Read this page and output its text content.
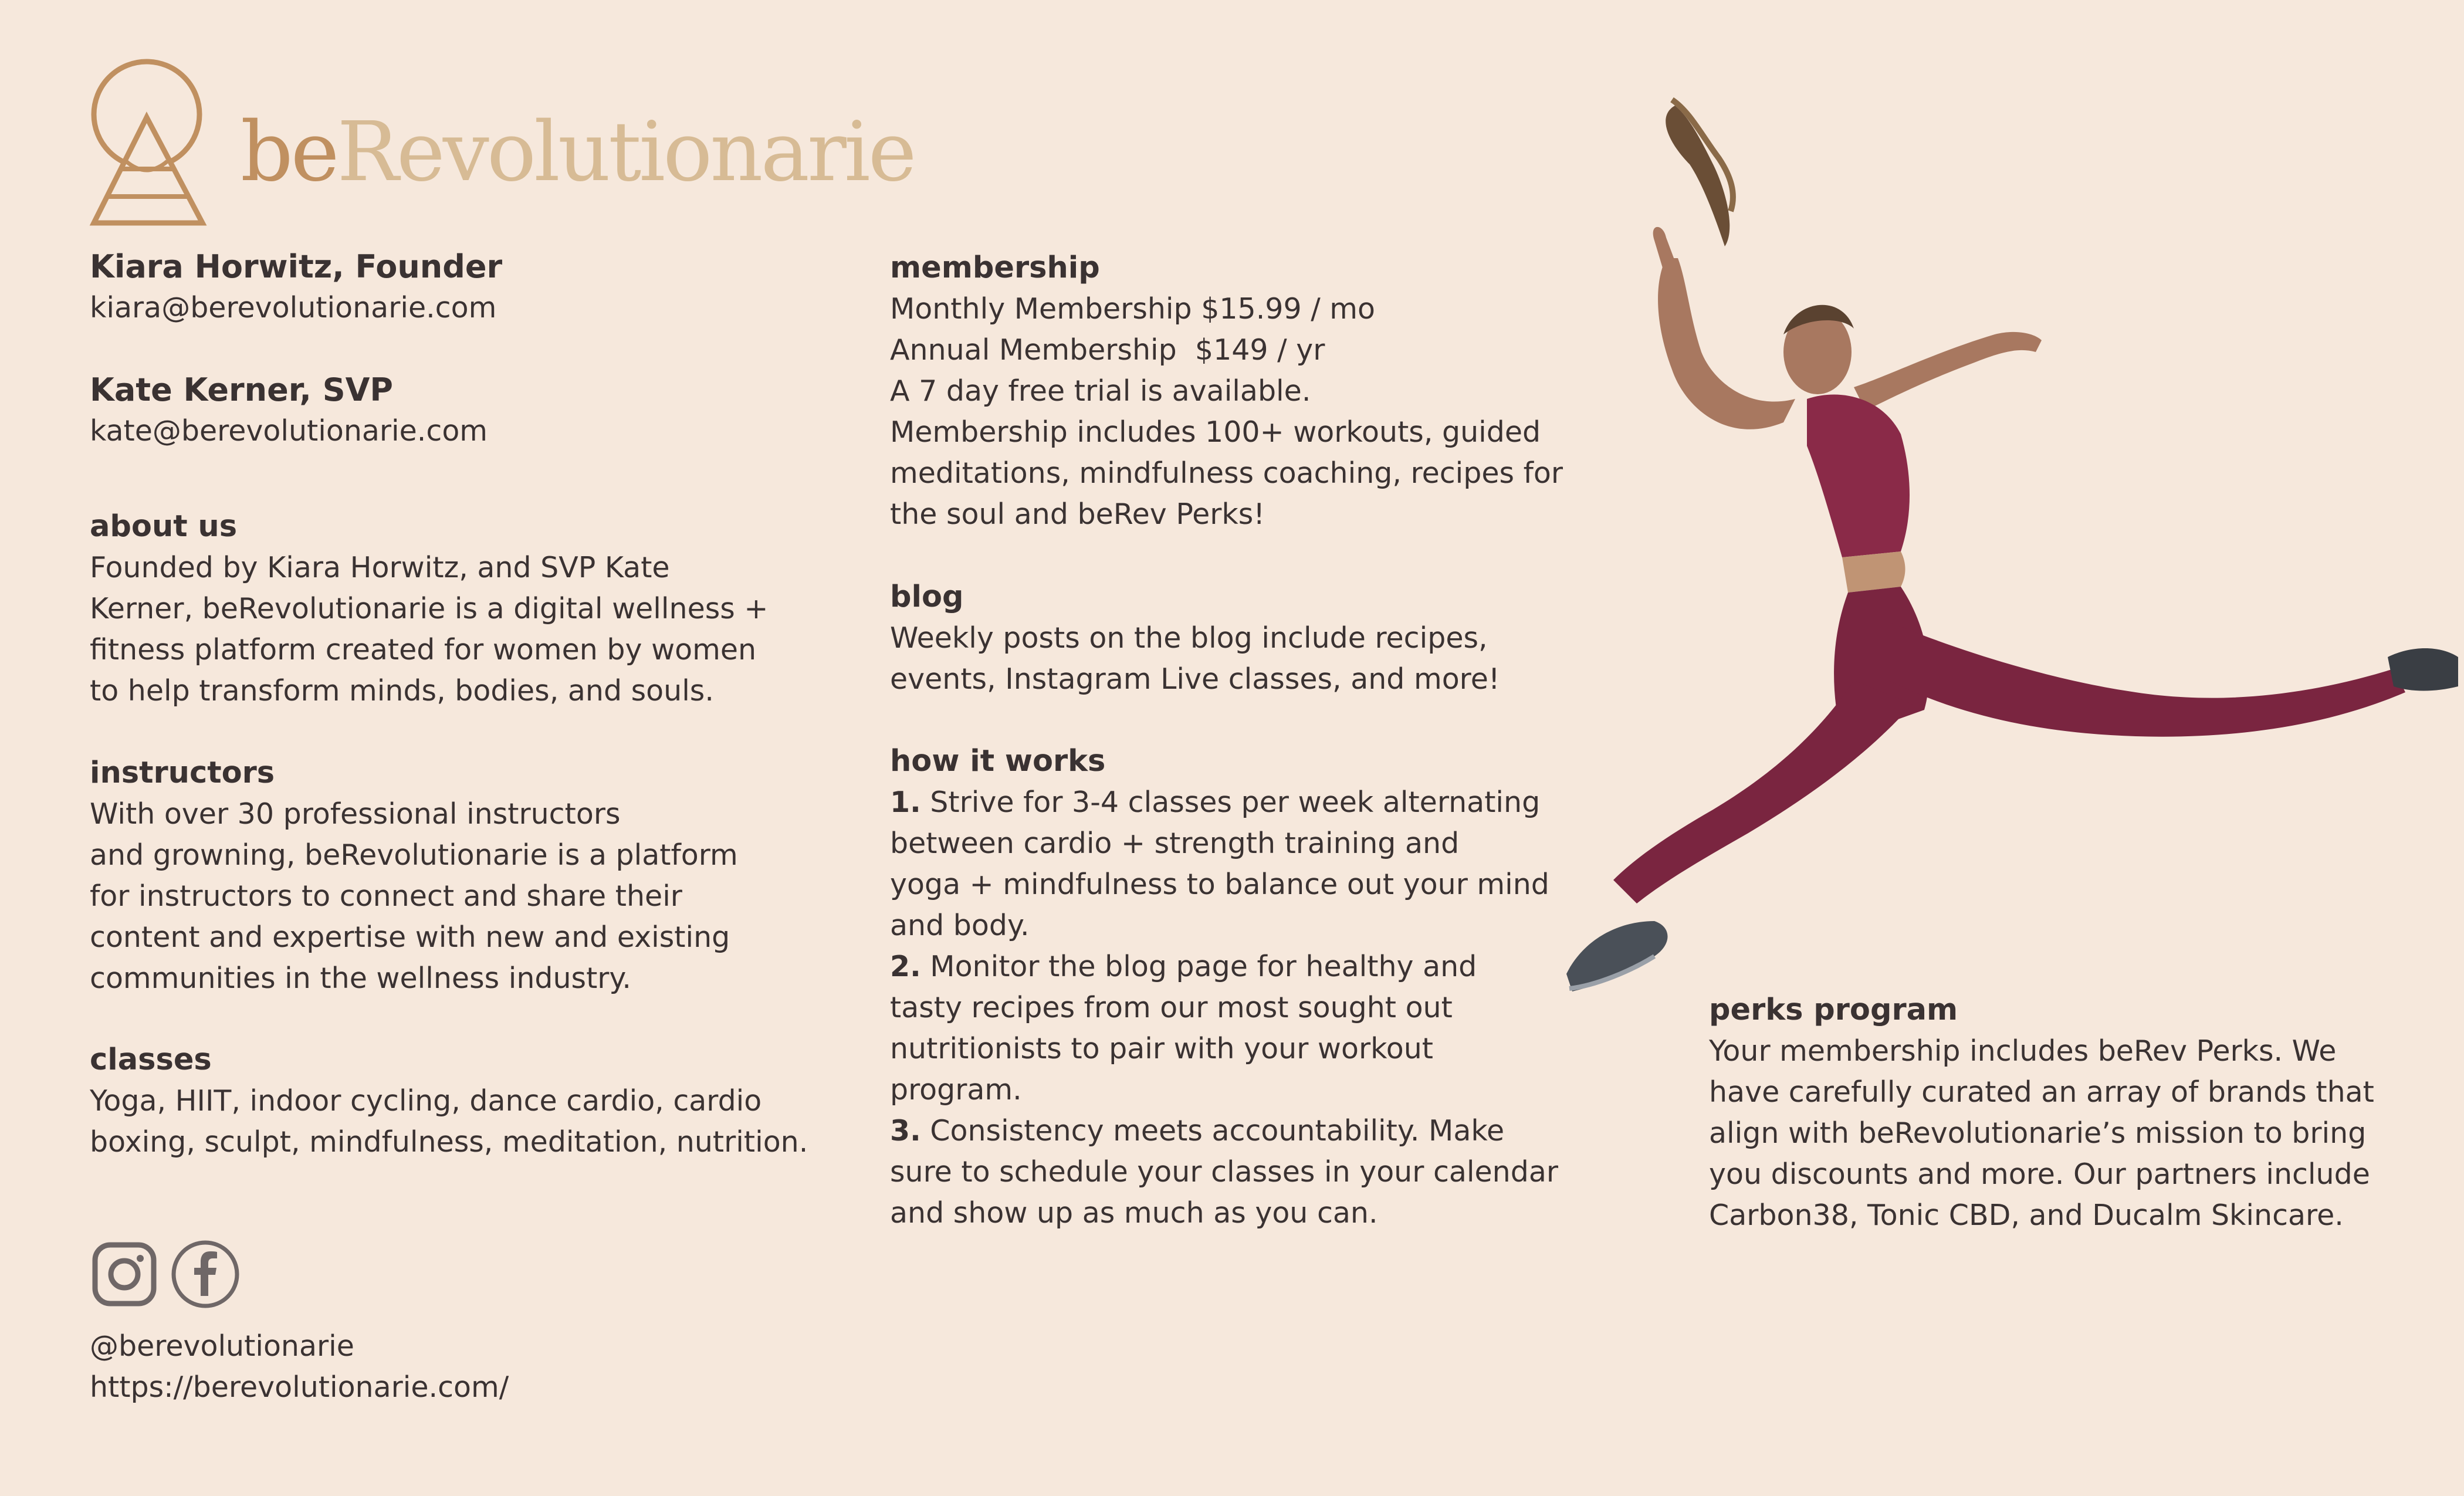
beRevolutionarie
Kiara Horwitz, Founder
kiara@berevolutionarie.com
Kate Kerner, SVP
kate@berevolutionarie.com
about us

Founded by Kiara Horwitz, and SVP Kate

Kerner, beRevolutionarie is a digital wellness +

fitness platform created for women by women

to help transform minds, bodies, and souls.

instructors

With over 30 professional instructors

and growning, beRevolutionarie is a platform

for instructors to connect and share their

content and expertise with new and existing

communities in the wellness industry.

classes

Yoga, HIIT, indoor cycling, dance cardio, cardio

boxing, sculpt, mindfulness, meditation, nutrition.

@berevolutionarie
https://berevolutionarie.com/
membership

Monthly Membership $15.99 / mo

Annual Membership  $149 / yr

A 7 day free trial is available.

Membership includes 100+ workouts, guided

meditations, mindfulness coaching, recipes for

the soul and beRev Perks!

blog

Weekly posts on the blog include recipes,

events, Instagram Live classes, and more!

how it works

1. Strive for 3-4 classes per week alternating

between cardio + strength training and

yoga + mindfulness to balance out your mind

and body.

2. Monitor the blog page for healthy and

tasty recipes from our most sought out

nutritionists to pair with your workout

program.

3. Consistency meets accountability. Make

sure to schedule your classes in your calendar

and show up as much as you can.

perks program

Your membership includes beRev Perks. We

have carefully curated an array of brands that

align with beRevolutionarie’s mission to bring

you discounts and more. Our partners include

Carbon38, Tonic CBD, and Ducalm Skincare.
